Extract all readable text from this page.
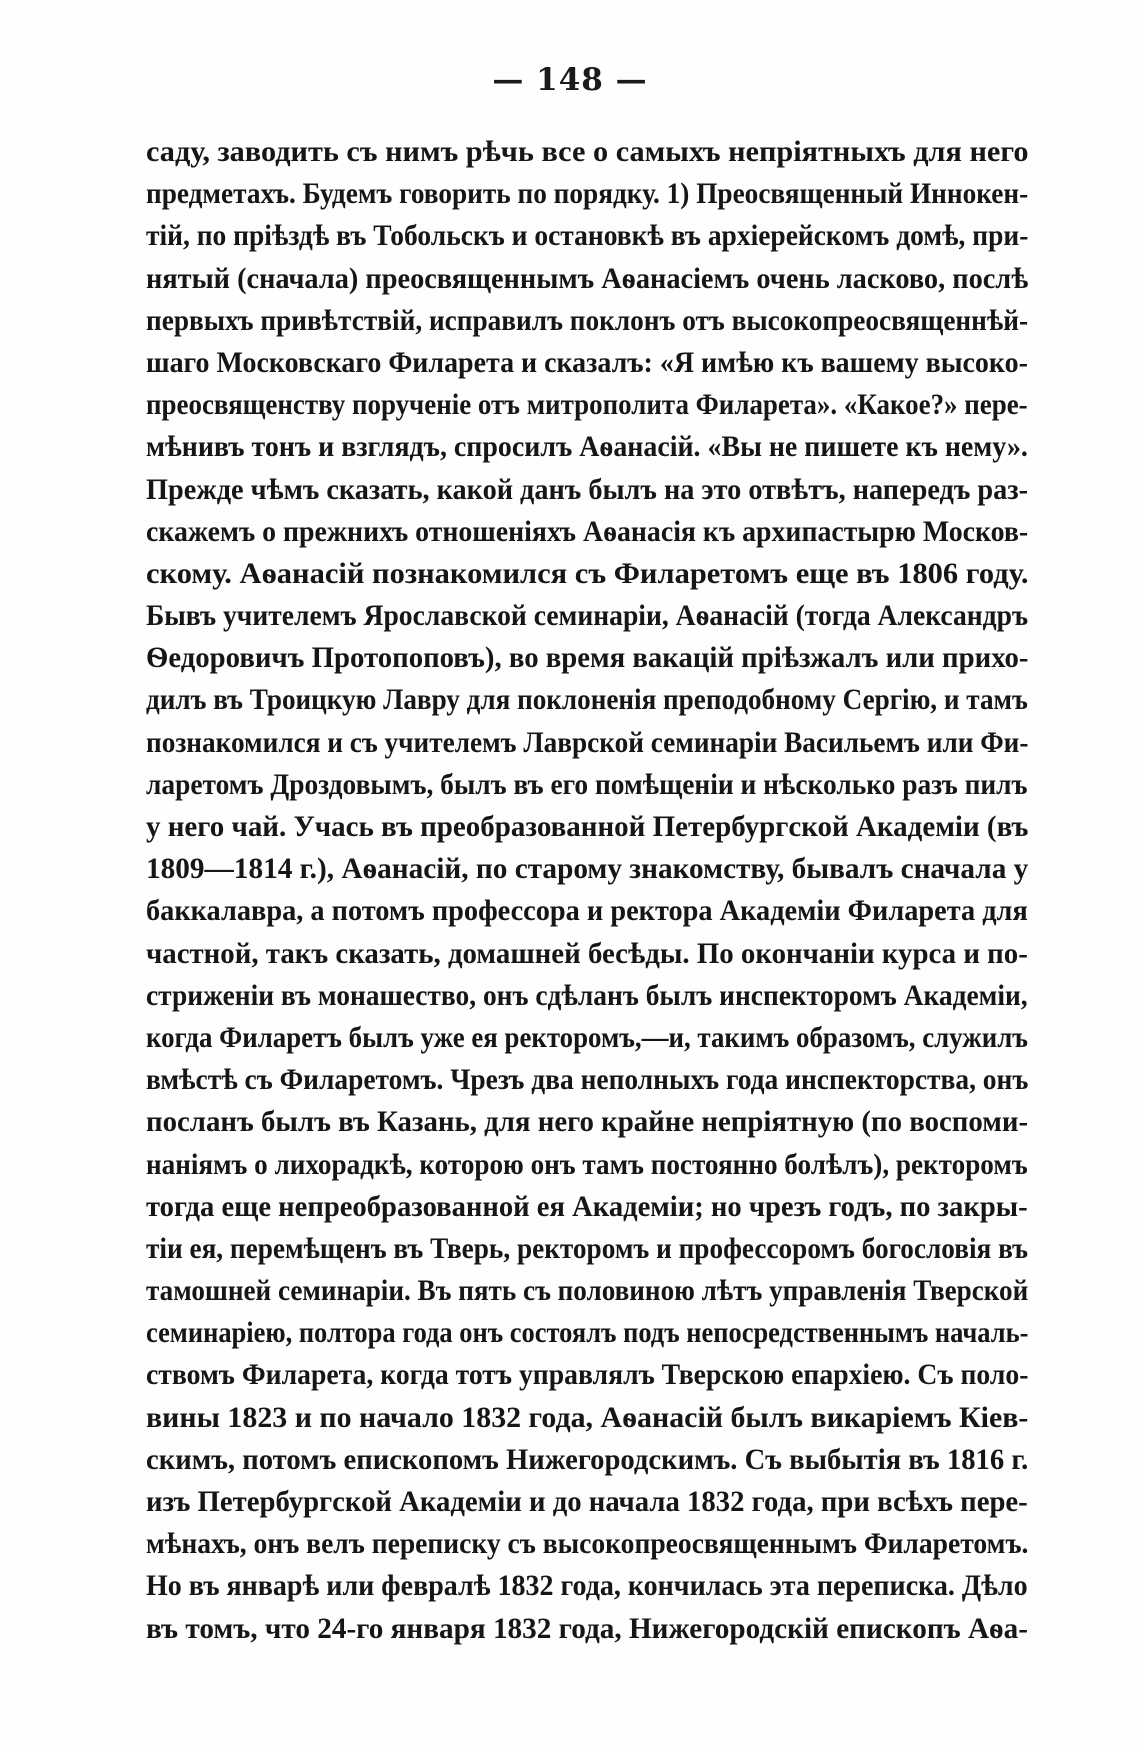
— 148 —
саду, заводить съ нимъ рѣчь все о самыхъ непріятныхъ для него
предметахъ. Будемъ говорить по порядку. 1) Преосвященный Иннокен-
тій, по пріѣздѣ въ Тобольскъ и остановкѣ въ архіерейскомъ домѣ, при-
нятый (сначала) преосвященнымъ Аѳанасіемъ очень ласково, послѣ
первыхъ привѣтствій, исправилъ поклонъ отъ высокопреосвященнѣй-
шаго Московскаго Филарета и сказалъ: «Я имѣю къ вашему высоко-
преосвященству порученіе отъ митрополита Филарета». «Какое?» пере-
мѣнивъ тонъ и взглядъ, спросилъ Аѳанасій. «Вы не пишете къ нему».
Прежде чѣмъ сказать, какой данъ былъ на это отвѣтъ, напередъ раз-
скажемъ о прежнихъ отношеніяхъ Аѳанасія къ архипастырю Москов-
скому. Аѳанасій познакомился съ Филаретомъ еще въ 1806 году.
Бывъ учителемъ Ярославской семинаріи, Аѳанасій (тогда Александръ
Ѳедоровичъ Протопоповъ), во время вакацій пріѣзжалъ или прихо-
дилъ въ Троицкую Лавру для поклоненія преподобному Сергію, и тамъ
познакомился и съ учителемъ Лаврской семинаріи Васильемъ или Фи-
ларетомъ Дроздовымъ, былъ въ его помѣщеніи и нѣсколько разъ пилъ
у него чай. Учась въ преобразованной Петербургской Академіи (въ
1809—1814 г.), Аѳанасій, по старому знакомству, бывалъ сначала у
баккалавра, а потомъ профессора и ректора Академіи Филарета для
частной, такъ сказать, домашней бесѣды. По окончаніи курса и по-
стриженіи въ монашество, онъ сдѣланъ былъ инспекторомъ Академіи,
когда Филаретъ былъ уже ея ректоромъ,—и, такимъ образомъ, служилъ
вмѣстѣ съ Филаретомъ. Чрезъ два неполныхъ года инспекторства, онъ
посланъ былъ въ Казань, для него крайне непріятную (по воспоми-
наніямъ о лихорадкѣ, которою онъ тамъ постоянно болѣлъ), ректоромъ
тогда еще непреобразованной ея Академіи; но чрезъ годъ, по закры-
тіи ея, перемѣщенъ въ Тверь, ректоромъ и профессоромъ богословія въ
тамошней семинаріи. Въ пять съ половиною лѣтъ управленія Тверской
семинаріею, полтора года онъ состоялъ подъ непосредственнымъ началь-
ствомъ Филарета, когда тотъ управлялъ Тверскою епархіею. Съ поло-
вины 1823 и по начало 1832 года, Аѳанасій былъ викаріемъ Кіев-
скимъ, потомъ епископомъ Нижегородскимъ. Съ выбытія въ 1816 г.
изъ Петербургской Академіи и до начала 1832 года, при всѣхъ пере-
мѣнахъ, онъ велъ переписку съ высокопреосвященнымъ Филаретомъ.
Но въ январѣ или февралѣ 1832 года, кончилась эта переписка. Дѣло
въ томъ, что 24-го января 1832 года, Нижегородскій епископъ Аѳа-
